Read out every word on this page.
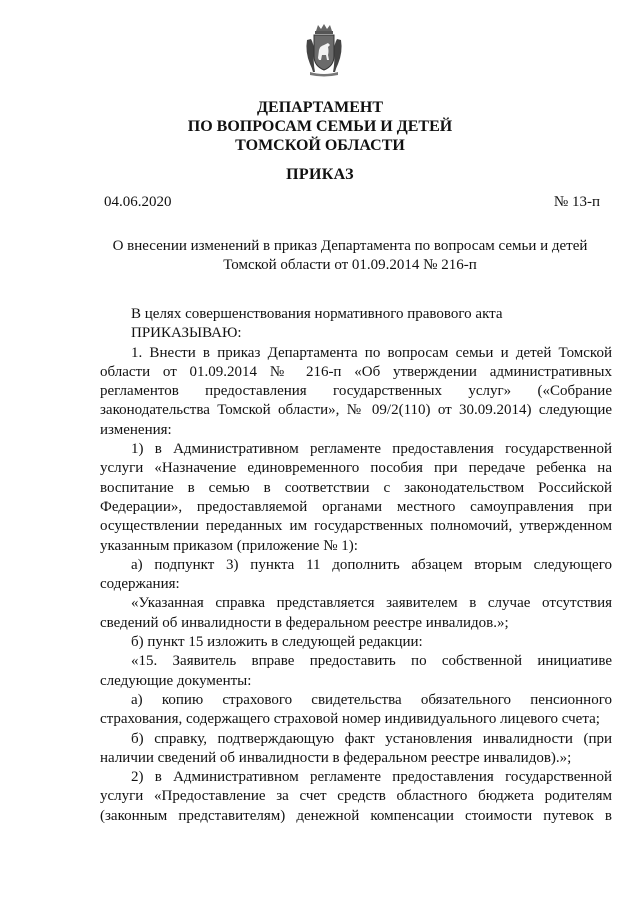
ДЕПАРТАМЕНТ
ПО ВОПРОСАМ СЕМЬИ И ДЕТЕЙ
ТОМСКОЙ ОБЛАСТИ
ПРИКАЗ
04.06.2020	№ 13-п
О внесении изменений в приказ Департамента по вопросам семьи и детей
Томской области от 01.09.2014 № 216-п

В целях совершенствования нормативного правового акта

ПРИКАЗЫВАЮ:

1. Внести в приказ Департамента по вопросам семьи и детей Томской области от 01.09.2014 № 216-п «Об утверждении административных регламентов предоставления государственных услуг» («Собрание законодательства Томской области», № 09/2(110) от 30.09.2014) следующие изменения:

1) в Административном регламенте предоставления государственной услуги «Назначение единовременного пособия при передаче ребенка на воспитание в семью в соответствии с законодательством Российской Федерации», предоставляемой органами местного самоуправления при осуществлении переданных им государственных полномочий, утвержденном указанным приказом (приложение № 1):

а) подпункт 3) пункта 11 дополнить абзацем вторым следующего содержания:

«Указанная справка представляется заявителем в случае отсутствия сведений об инвалидности в федеральном реестре инвалидов.»;

б) пункт 15 изложить в следующей редакции:

«15. Заявитель вправе предоставить по собственной инициативе следующие документы:

а) копию страхового свидетельства обязательного пенсионного страхования, содержащего страховой номер индивидуального лицевого счета;

б) справку, подтверждающую факт установления инвалидности (при наличии сведений об инвалидности в федеральном реестре инвалидов).»;

2) в Административном регламенте предоставления государственной услуги «Предоставление за счет средств областного бюджета родителям (законным представителям) денежной компенсации стоимости путевок в
